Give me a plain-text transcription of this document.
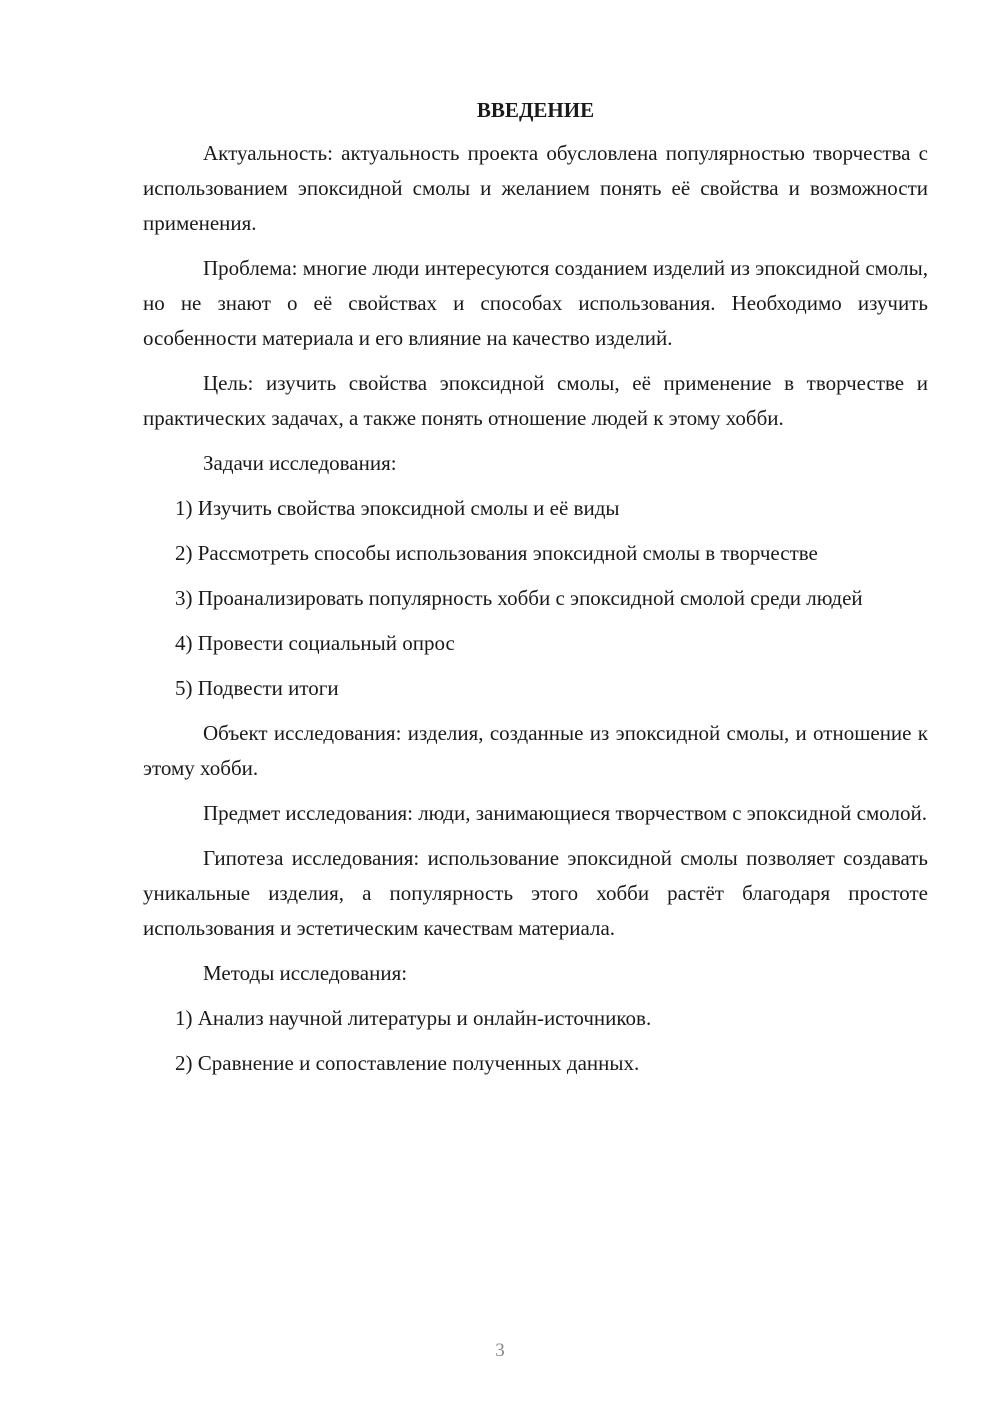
ВВЕДЕНИЕ

Актуальность: актуальность проекта обусловлена популярностью творчества с использованием эпоксидной смолы и желанием понять её свойства и возможности применения.

Проблема: многие люди интересуются созданием изделий из эпоксидной смолы, но не знают о её свойствах и способах использования. Необходимо изучить особенности материала и его влияние на качество изделий.

Цель: изучить свойства эпоксидной смолы, её применение в творчестве и практических задачах, а также понять отношение людей к этому хобби.

Задачи исследования:

1) Изучить свойства эпоксидной смолы и её виды

2) Рассмотреть способы использования эпоксидной смолы в творчестве

3) Проанализировать популярность хобби с эпоксидной смолой среди людей

4) Провести социальный опрос

5) Подвести итоги

Объект исследования: изделия, созданные из эпоксидной смолы, и отношение к этому хобби.

Предмет исследования: люди, занимающиеся творчеством с эпоксидной смолой.

Гипотеза исследования: использование эпоксидной смолы позволяет создавать уникальные изделия, а популярность этого хобби растёт благодаря простоте использования и эстетическим качествам материала.

Методы исследования:

1) Анализ научной литературы и онлайн-источников.

2) Сравнение и сопоставление полученных данных.

3
